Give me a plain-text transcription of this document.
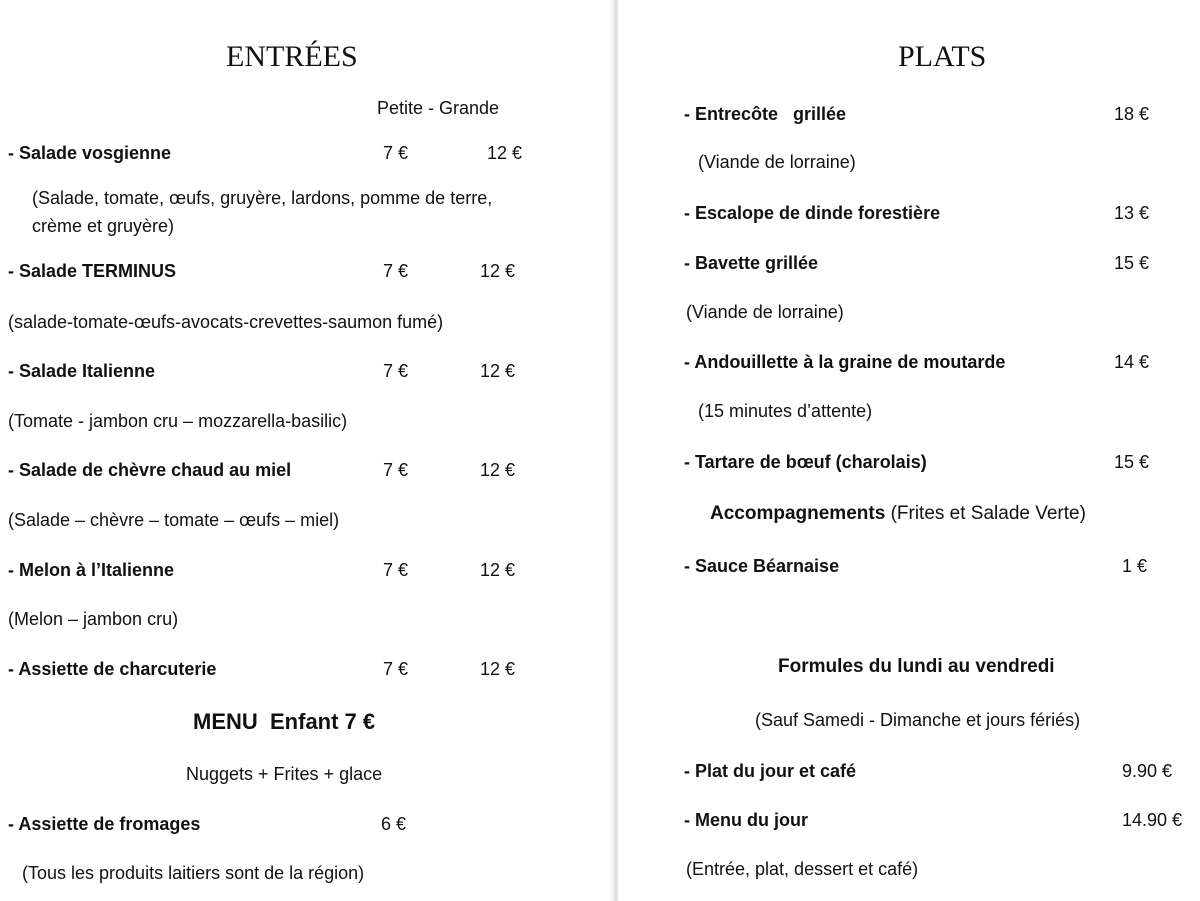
ENTRÉES
Petite - Grande
- Salade vosgienne	7 €	12 €
(Salade, tomate, œufs, gruyère, lardons, pomme de terre,
crème et gruyère)
- Salade TERMINUS	7 €	12 €
(salade-tomate-œufs-avocats-crevettes-saumon fumé)
- Salade Italienne	7 €	12 €
(Tomate - jambon cru – mozzarella-basilic)
- Salade de chèvre chaud au miel	7 €	12 €
(Salade – chèvre – tomate – œufs – miel)
- Melon à l’Italienne	7 €	12 €
(Melon – jambon cru)
- Assiette de charcuterie	7 €	12 €
MENU  Enfant 7 €
Nuggets + Frites + glace
- Assiette de fromages	6 €
(Tous les produits laitiers sont de la région)
PLATS
- Entrecôte   grillée	18 €
(Viande de lorraine)
- Escalope de dinde forestière	13 €
- Bavette grillée	15 €
(Viande de lorraine)
- Andouillette à la graine de moutarde	14 €
(15 minutes d’attente)
- Tartare de bœuf (charolais)	15 €
Accompagnements (Frites et Salade Verte)
- Sauce Béarnaise	1 €
Formules du lundi au vendredi
(Sauf Samedi - Dimanche et jours fériés)
- Plat du jour et café	9.90 €
- Menu du jour	14.90 €
(Entrée, plat, dessert et café)
